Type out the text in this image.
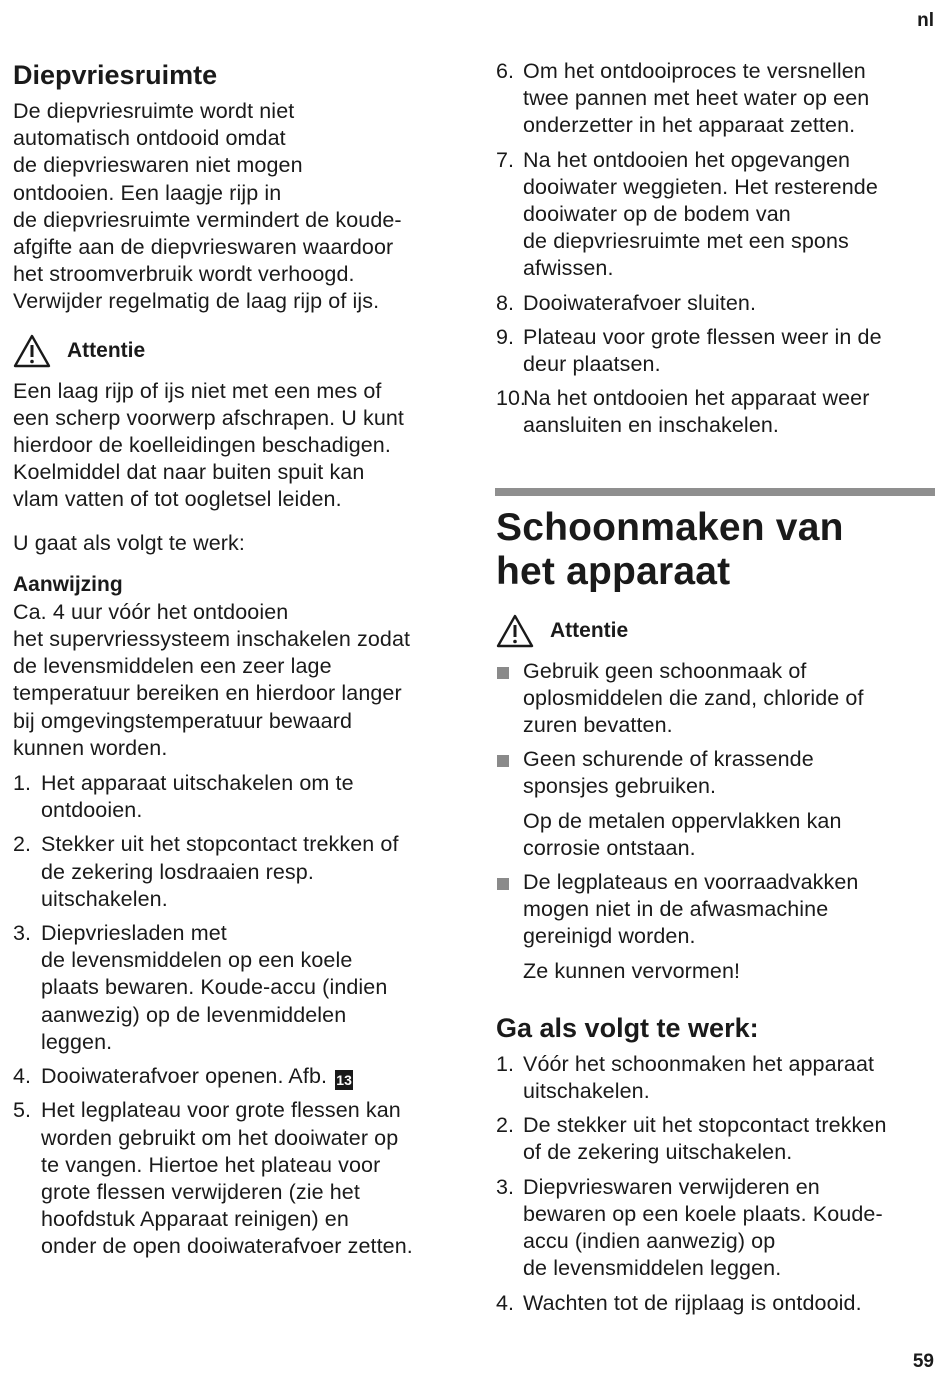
nl
Diepvriesruimte

De diepvriesruimte wordt niet
automatisch ontdooid omdat
de diepvrieswaren niet mogen
ontdooien. Een laagje rijp in
de diepvriesruimte vermindert de koude-
afgifte aan de diepvrieswaren waardoor
het stroomverbruik wordt verhoogd.
Verwijder regelmatig de laag rijp of ijs.

Attentie

Een laag rijp of ijs niet met een mes of
een scherp voorwerp afschrapen. U kunt
hierdoor de koelleidingen beschadigen.
Koelmiddel dat naar buiten spuit kan
vlam vatten of tot oogletsel leiden.

U gaat als volgt te werk:

Aanwijzing

Ca. 4 uur vóór het ontdooien
het supervriessysteem inschakelen zodat
de levensmiddelen een zeer lage
temperatuur bereiken en hierdoor langer
bij omgevingstemperatuur bewaard
kunnen worden.

1. Het apparaat uitschakelen om te
ontdooien.
2. Stekker uit het stopcontact trekken of
de zekering losdraaien resp.
uitschakelen.
3. Diepvriesladen met
de levensmiddelen op een koele
plaats bewaren. Koude-accu (indien
aanwezig) op de levenmiddelen
leggen.
4. Dooiwaterafvoer openen. Afb. 13
5. Het legplateau voor grote flessen kan
worden gebruikt om het dooiwater op
te vangen. Hiertoe het plateau voor
grote flessen verwijderen (zie het
hoofdstuk Apparaat reinigen) en
onder de open dooiwaterafvoer zetten.
6. Om het ontdooiproces te versnellen
twee pannen met heet water op een
onderzetter in het apparaat zetten.
7. Na het ontdooien het opgevangen
dooiwater weggieten. Het resterende
dooiwater op de bodem van
de diepvriesruimte met een spons
afwissen.
8. Dooiwaterafvoer sluiten.
9. Plateau voor grote flessen weer in de
deur plaatsen.
10.
Na het ontdooien het apparaat weer
aansluiten en inschakelen.
Schoonmaken van
het apparaat
Attentie
Gebruik geen schoonmaak of
oplosmiddelen die zand, chloride of
zuren bevatten.
Geen schurende of krassende
sponsjes gebruiken.

Op de metalen oppervlakken kan
corrosie ontstaan.

De legplateaus en voorraadvakken
mogen niet in de afwasmachine
gereinigd worden.

Ze kunnen vervormen!

Ga als volgt te werk:
1. Vóór het schoonmaken het apparaat
uitschakelen.
2. De stekker uit het stopcontact trekken
of de zekering uitschakelen.
3. Diepvrieswaren verwijderen en
bewaren op een koele plaats. Koude-
accu (indien aanwezig) op
de levensmiddelen leggen.
4. Wachten tot de rijplaag is ontdooid.
59
